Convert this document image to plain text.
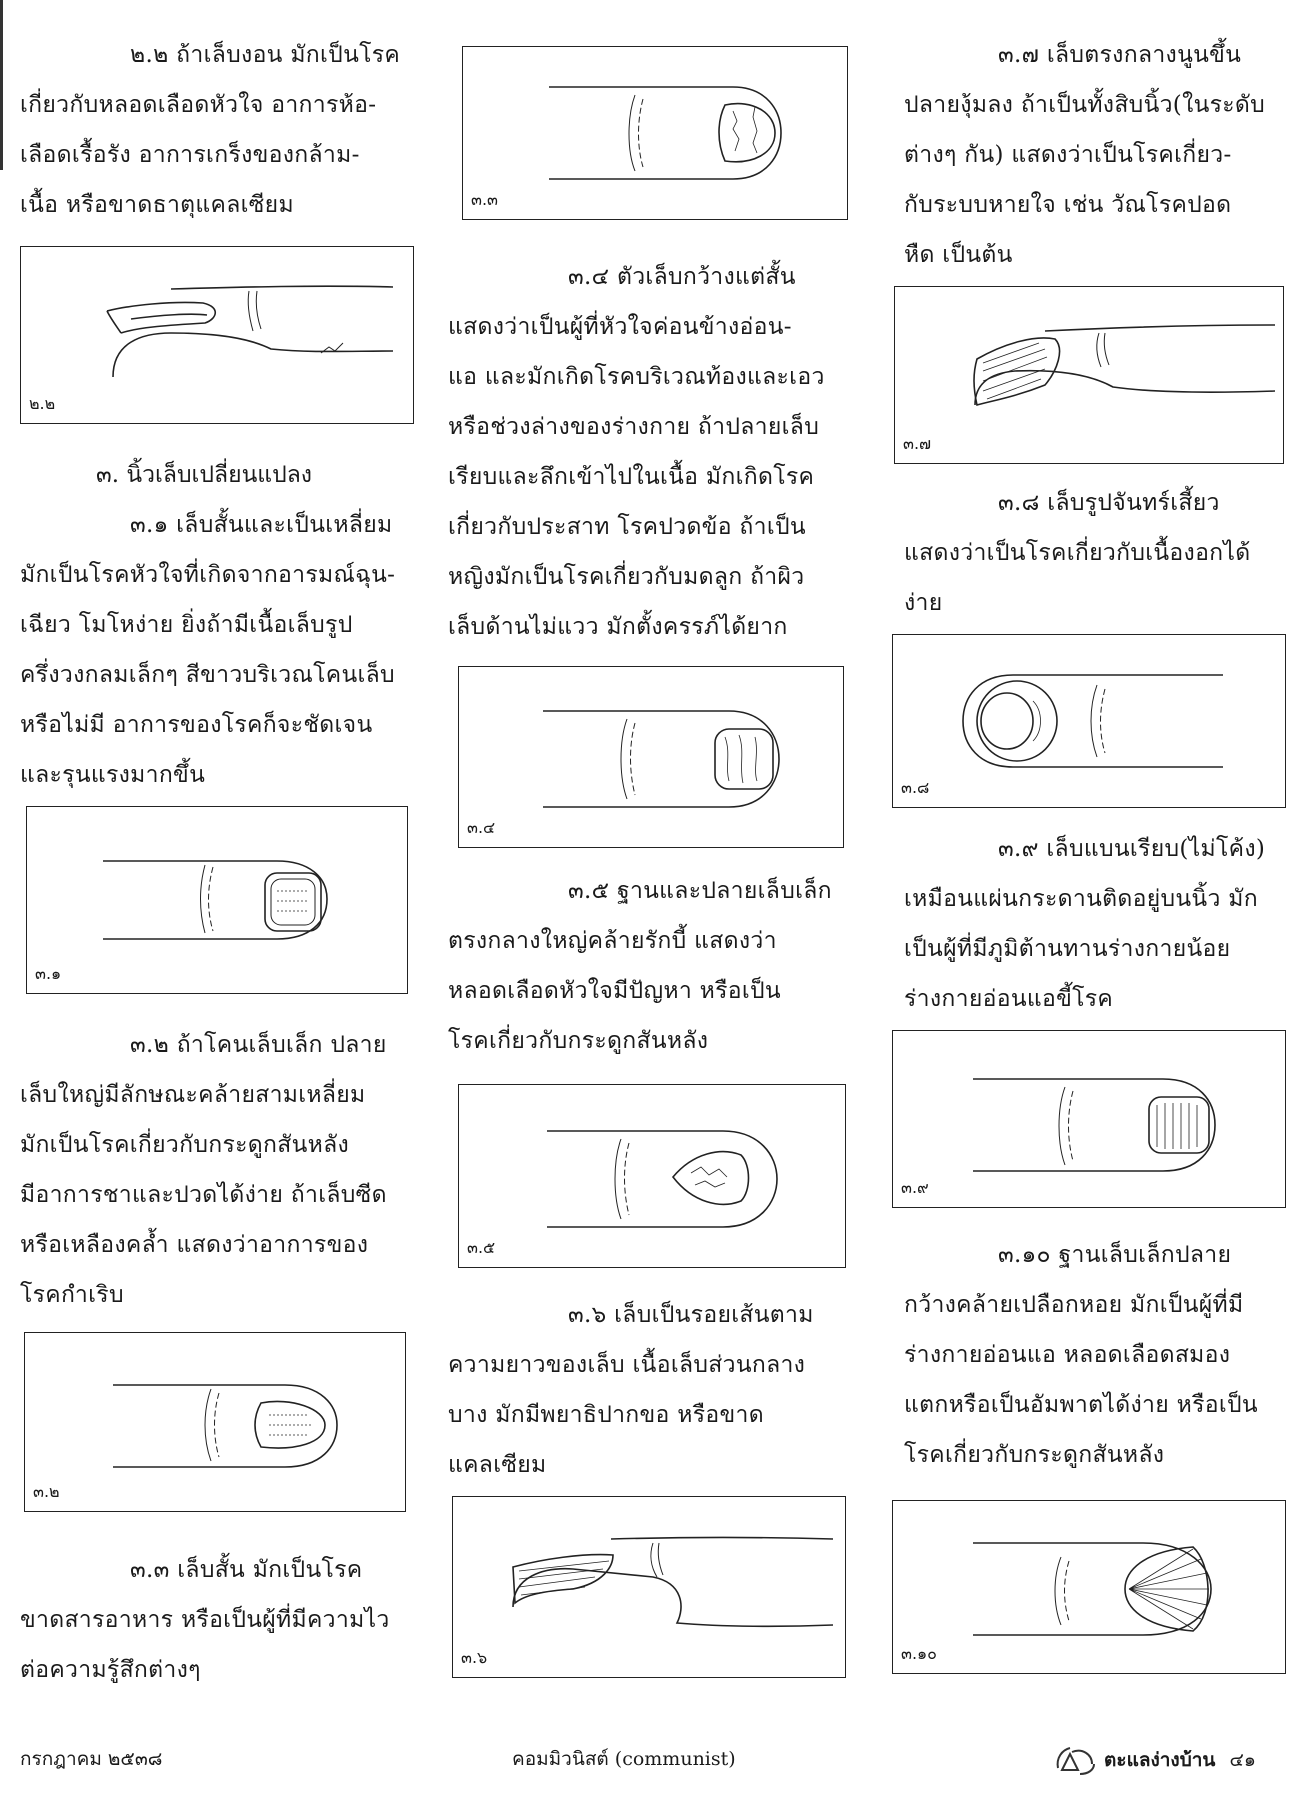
๒.๒ ถ้าเล็บงอน มักเป็นโรค
เกี่ยวกับหลอดเลือดหัวใจ อาการห้อ-
เลือดเรื้อรัง อาการเกร็งของกล้าม-
เนื้อ หรือขาดธาตุแคลเซียม
๒.๒
๓. นิ้วเล็บเปลี่ยนแปลง
๓.๑ เล็บสั้นและเป็นเหลี่ยม
มักเป็นโรคหัวใจที่เกิดจากอารมณ์ฉุน-
เฉียว โมโหง่าย ยิ่งถ้ามีเนื้อเล็บรูป
ครึ่งวงกลมเล็กๆ สีขาวบริเวณโคนเล็บ
หรือไม่มี อาการของโรคก็จะชัดเจน
และรุนแรงมากขึ้น
๓.๑
๓.๒ ถ้าโคนเล็บเล็ก ปลาย
เล็บใหญ่มีลักษณะคล้ายสามเหลี่ยม
มักเป็นโรคเกี่ยวกับกระดูกสันหลัง
มีอาการชาและปวดได้ง่าย ถ้าเล็บซีด
หรือเหลืองคล้ำ แสดงว่าอาการของ
โรคกำเริบ
๓.๒
๓.๓ เล็บสั้น มักเป็นโรค
ขาดสารอาหาร หรือเป็นผู้ที่มีความไว
ต่อความรู้สึกต่างๆ
กรกฎาคม ๒๕๓๘
๓.๓
๓.๔ ตัวเล็บกว้างแต่สั้น
แสดงว่าเป็นผู้ที่หัวใจค่อนข้างอ่อน-
แอ และมักเกิดโรคบริเวณท้องและเอว
หรือช่วงล่างของร่างกาย ถ้าปลายเล็บ
เรียบและลึกเข้าไปในเนื้อ มักเกิดโรค
เกี่ยวกับประสาท โรคปวดข้อ ถ้าเป็น
หญิงมักเป็นโรคเกี่ยวกับมดลูก ถ้าผิว
เล็บด้านไม่แวว มักตั้งครรภ์ได้ยาก
๓.๔
๓.๕ ฐานและปลายเล็บเล็ก
ตรงกลางใหญ่คล้ายรักบี้ แสดงว่า
หลอดเลือดหัวใจมีปัญหา หรือเป็น
โรคเกี่ยวกับกระดูกสันหลัง
๓.๕
๓.๖ เล็บเป็นรอยเส้นตาม
ความยาวของเล็บ เนื้อเล็บส่วนกลาง
บาง มักมีพยาธิปากขอ หรือขาด
แคลเซียม
๓.๖
คอมมิวนิสต์ (communist)
๓.๗ เล็บตรงกลางนูนขึ้น
ปลายงุ้มลง ถ้าเป็นทั้งสิบนิ้ว(ในระดับ
ต่างๆ กัน) แสดงว่าเป็นโรคเกี่ยว-
กับระบบหายใจ เช่น วัณโรคปอด
หืด เป็นต้น
๓.๗
๓.๘ เล็บรูปจันทร์เสี้ยว
แสดงว่าเป็นโรคเกี่ยวกับเนื้องอกได้
ง่าย
๓.๘
๓.๙ เล็บแบนเรียบ(ไม่โค้ง)
เหมือนแผ่นกระดานติดอยู่บนนิ้ว มัก
เป็นผู้ที่มีภูมิต้านทานร่างกายน้อย
ร่างกายอ่อนแอขี้โรค
๓.๙
๓.๑๐ ฐานเล็บเล็กปลาย
กว้างคล้ายเปลือกหอย มักเป็นผู้ที่มี
ร่างกายอ่อนแอ หลอดเลือดสมอง
แตกหรือเป็นอัมพาตได้ง่าย หรือเป็น
โรคเกี่ยวกับกระดูกสันหลัง
๓.๑๐
ตะแลง่างบ้าน ๔๑
